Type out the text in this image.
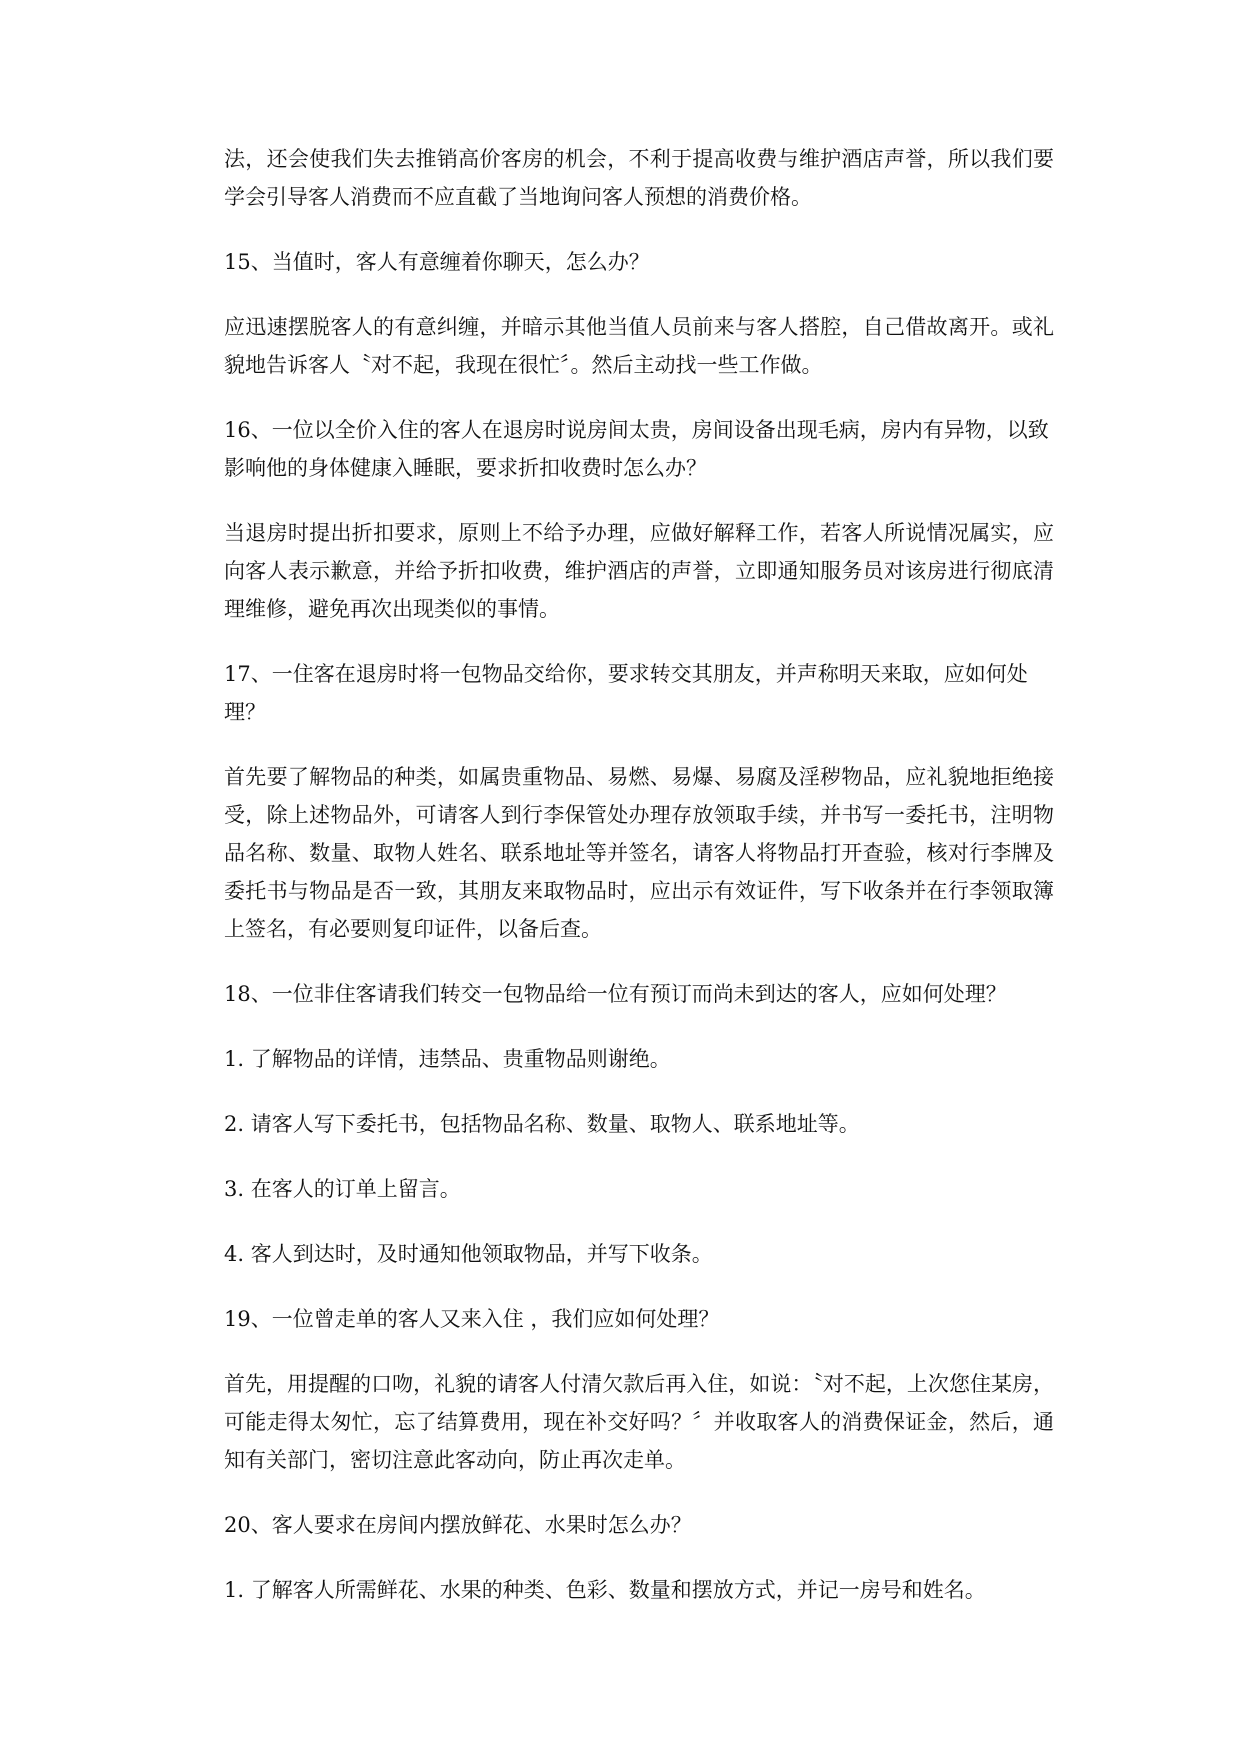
法，还会使我们失去推销高价客房的机会，不利于提高收费与维护酒店声誉，所以我们要学会引导客人消费而不应直截了当地询问客人预想的消费价格。

15、当值时，客人有意缠着你聊天，怎么办？

应迅速摆脱客人的有意纠缠，并暗示其他当值人员前来与客人搭腔，自己借故离开。或礼貌地告诉客人〝对不起，我现在很忙〞。然后主动找一些工作做。

16、一位以全价入住的客人在退房时说房间太贵，房间设备出现毛病，房内有异物，以致影响他的身体健康入睡眠，要求折扣收费时怎么办？

当退房时提出折扣要求，原则上不给予办理，应做好解释工作，若客人所说情况属实，应向客人表示歉意，并给予折扣收费，维护酒店的声誉，立即通知服务员对该房进行彻底清理维修，避免再次出现类似的事情。

17、一住客在退房时将一包物品交给你，要求转交其朋友，并声称明天来取，应如何处理？

首先要了解物品的种类，如属贵重物品、易燃、易爆、易腐及淫秽物品，应礼貌地拒绝接受，除上述物品外，可请客人到行李保管处办理存放领取手续，并书写一委托书，注明物品名称、数量、取物人姓名、联系地址等并签名，请客人将物品打开查验，核对行李牌及委托书与物品是否一致，其朋友来取物品时，应出示有效证件，写下收条并在行李领取簿上签名，有必要则复印证件，以备后查。

18、一位非住客请我们转交一包物品给一位有预订而尚未到达的客人，应如何处理？

1. 了解物品的详情，违禁品、贵重物品则谢绝。

2. 请客人写下委托书，包括物品名称、数量、取物人、联系地址等。

3. 在客人的订单上留言。

4. 客人到达时，及时通知他领取物品，并写下收条。

19、一位曾走单的客人又来入住 ，我们应如何处理？

首先，用提醒的口吻，礼貌的请客人付清欠款后再入住，如说：〝对不起，上次您住某房，可能走得太匆忙，忘了结算费用，现在补交好吗？〞并收取客人的消费保证金，然后，通知有关部门，密切注意此客动向，防止再次走单。

20、客人要求在房间内摆放鲜花、水果时怎么办？

1. 了解客人所需鲜花、水果的种类、色彩、数量和摆放方式，并记一房号和姓名。
